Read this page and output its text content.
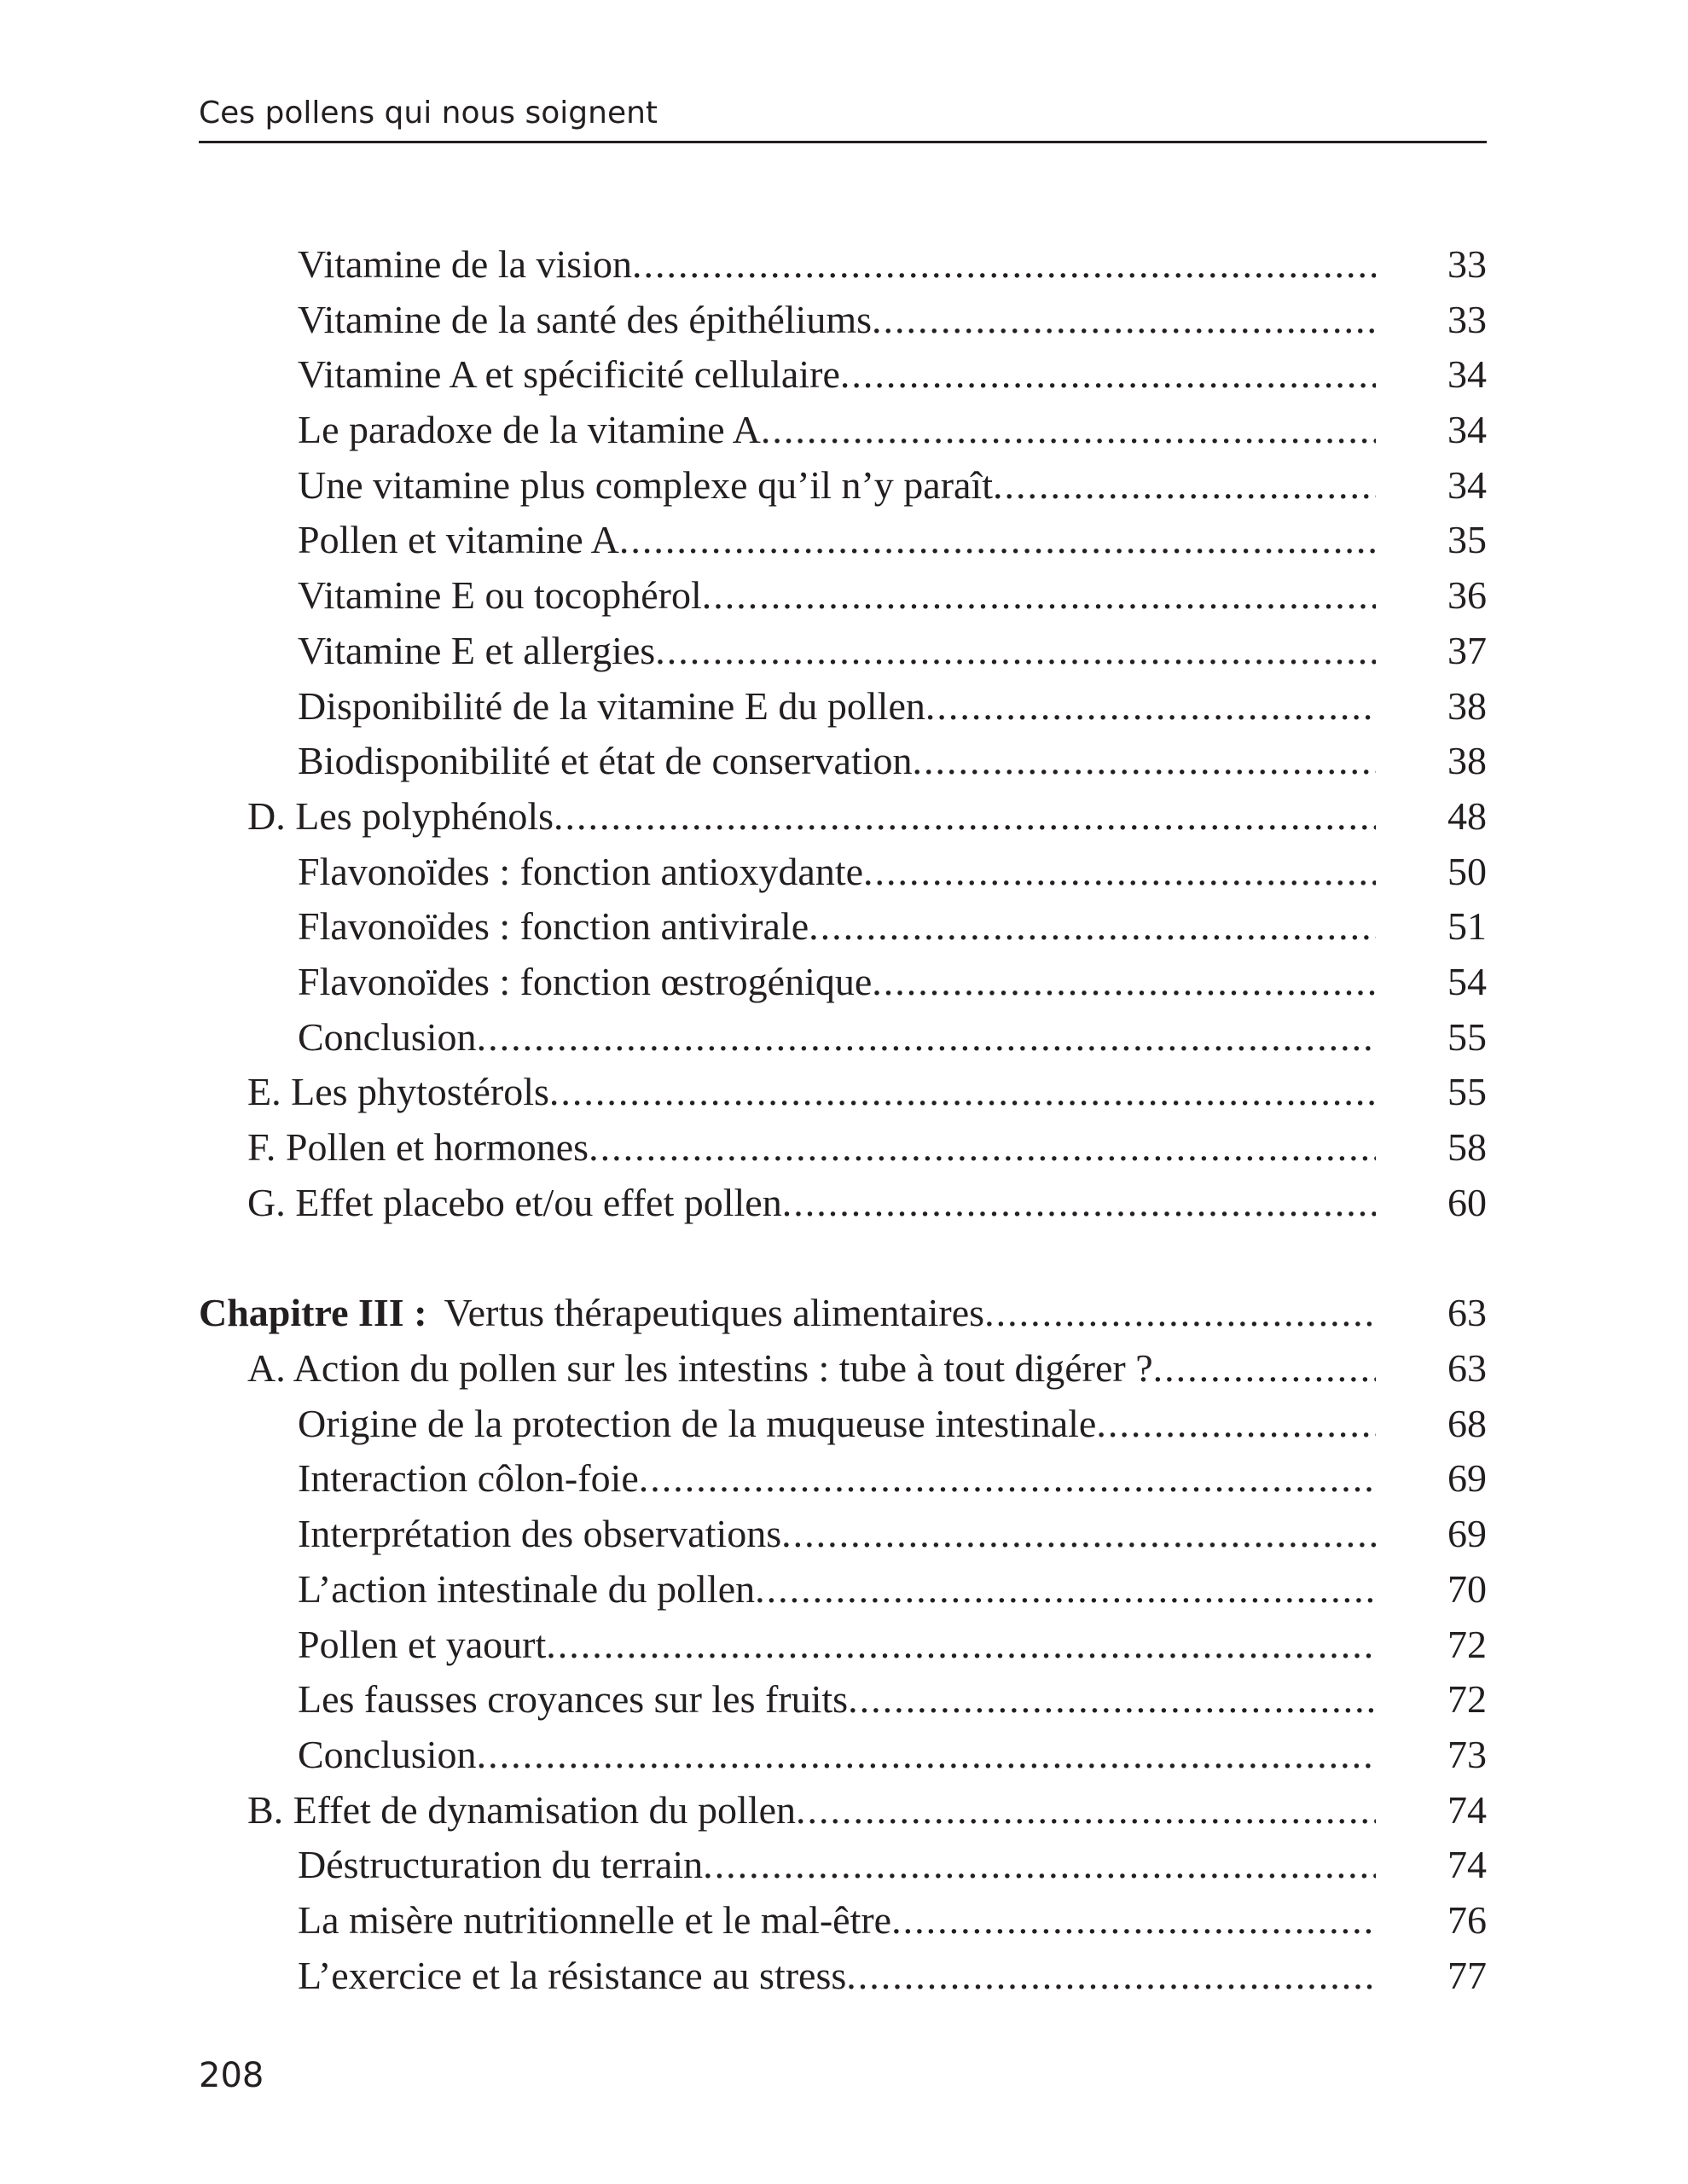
Ces pollens qui nous soignent
Vitamine de la vision .....	33
Vitamine de la santé des épithéliums .....	33
Vitamine A et spécificité cellulaire .....	34
Le paradoxe de la vitamine A .....	34
Une vitamine plus complexe qu’il n’y paraît .....	34
Pollen et vitamine A .....	35
Vitamine E ou tocophérol .....	36
Vitamine E et allergies .....	37
Disponibilité de la vitamine E du pollen .....	38
Biodisponibilité et état de conservation .....	38
D. Les polyphénols .....	48
Flavonoïdes : fonction antioxydante .....	50
Flavonoïdes : fonction antivirale .....	51
Flavonoïdes : fonction œstrogénique .....	54
Conclusion .....	55
E. Les phytostérols .....	55
F. Pollen et hormones .....	58
G. Effet placebo et/ou effet pollen .....	60
Chapitre III : Vertus thérapeutiques alimentaires .....	63
A. Action du pollen sur les intestins : tube à tout digérer ? .....	63
Origine de la protection de la muqueuse intestinale .....	68
Interaction côlon-foie .....	69
Interprétation des observations .....	69
L’action intestinale du pollen .....	70
Pollen et yaourt .....	72
Les fausses croyances sur les fruits .....	72
Conclusion .....	73
B. Effet de dynamisation du pollen .....	74
Déstructuration du terrain .....	74
La misère nutritionnelle et le mal-être .....	76
L’exercice et la résistance au stress .....	77
208
